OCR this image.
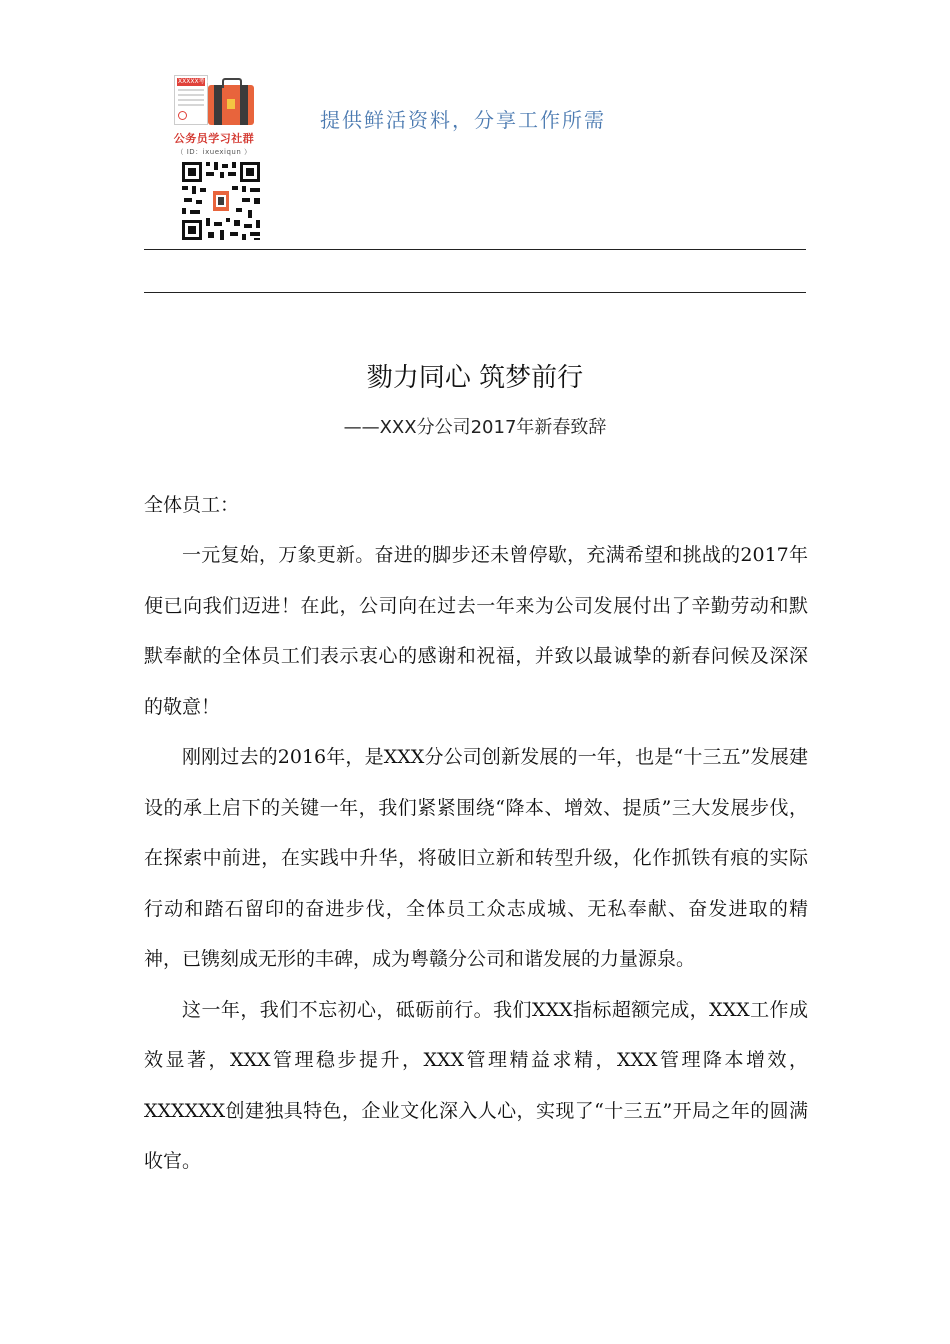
XXXXX考试
公务员学习社群
（ ID：ixuexiqun ）
提供鲜活资料，分享工作所需
勠力同心 筑梦前行
——XXX分公司2017年新春致辞

全体员工：

一元复始，万象更新。奋进的脚步还未曾停歇，充满希望和挑战的2017年便已向我们迈进！在此，公司向在过去一年来为公司发展付出了辛勤劳动和默默奉献的全体员工们表示衷心的感谢和祝福，并致以最诚挚的新春问候及深深的敬意！

刚刚过去的2016年，是XXX分公司创新发展的一年，也是“十三五”发展建设的承上启下的关键一年，我们紧紧围绕“降本、增效、提质”三大发展步伐，在探索中前进，在实践中升华，将破旧立新和转型升级，化作抓铁有痕的实际行动和踏石留印的奋进步伐，全体员工众志成城、无私奉献、奋发进取的精神，已镌刻成无形的丰碑，成为粤赣分公司和谐发展的力量源泉。

这一年，我们不忘初心，砥砺前行。我们XXX指标超额完成，XXX工作成效显著，XXX管理稳步提升，XXX管理精益求精，XXX管理降本增效，XXXXXX创建独具特色，企业文化深入人心，实现了“十三五”开局之年的圆满收官。
